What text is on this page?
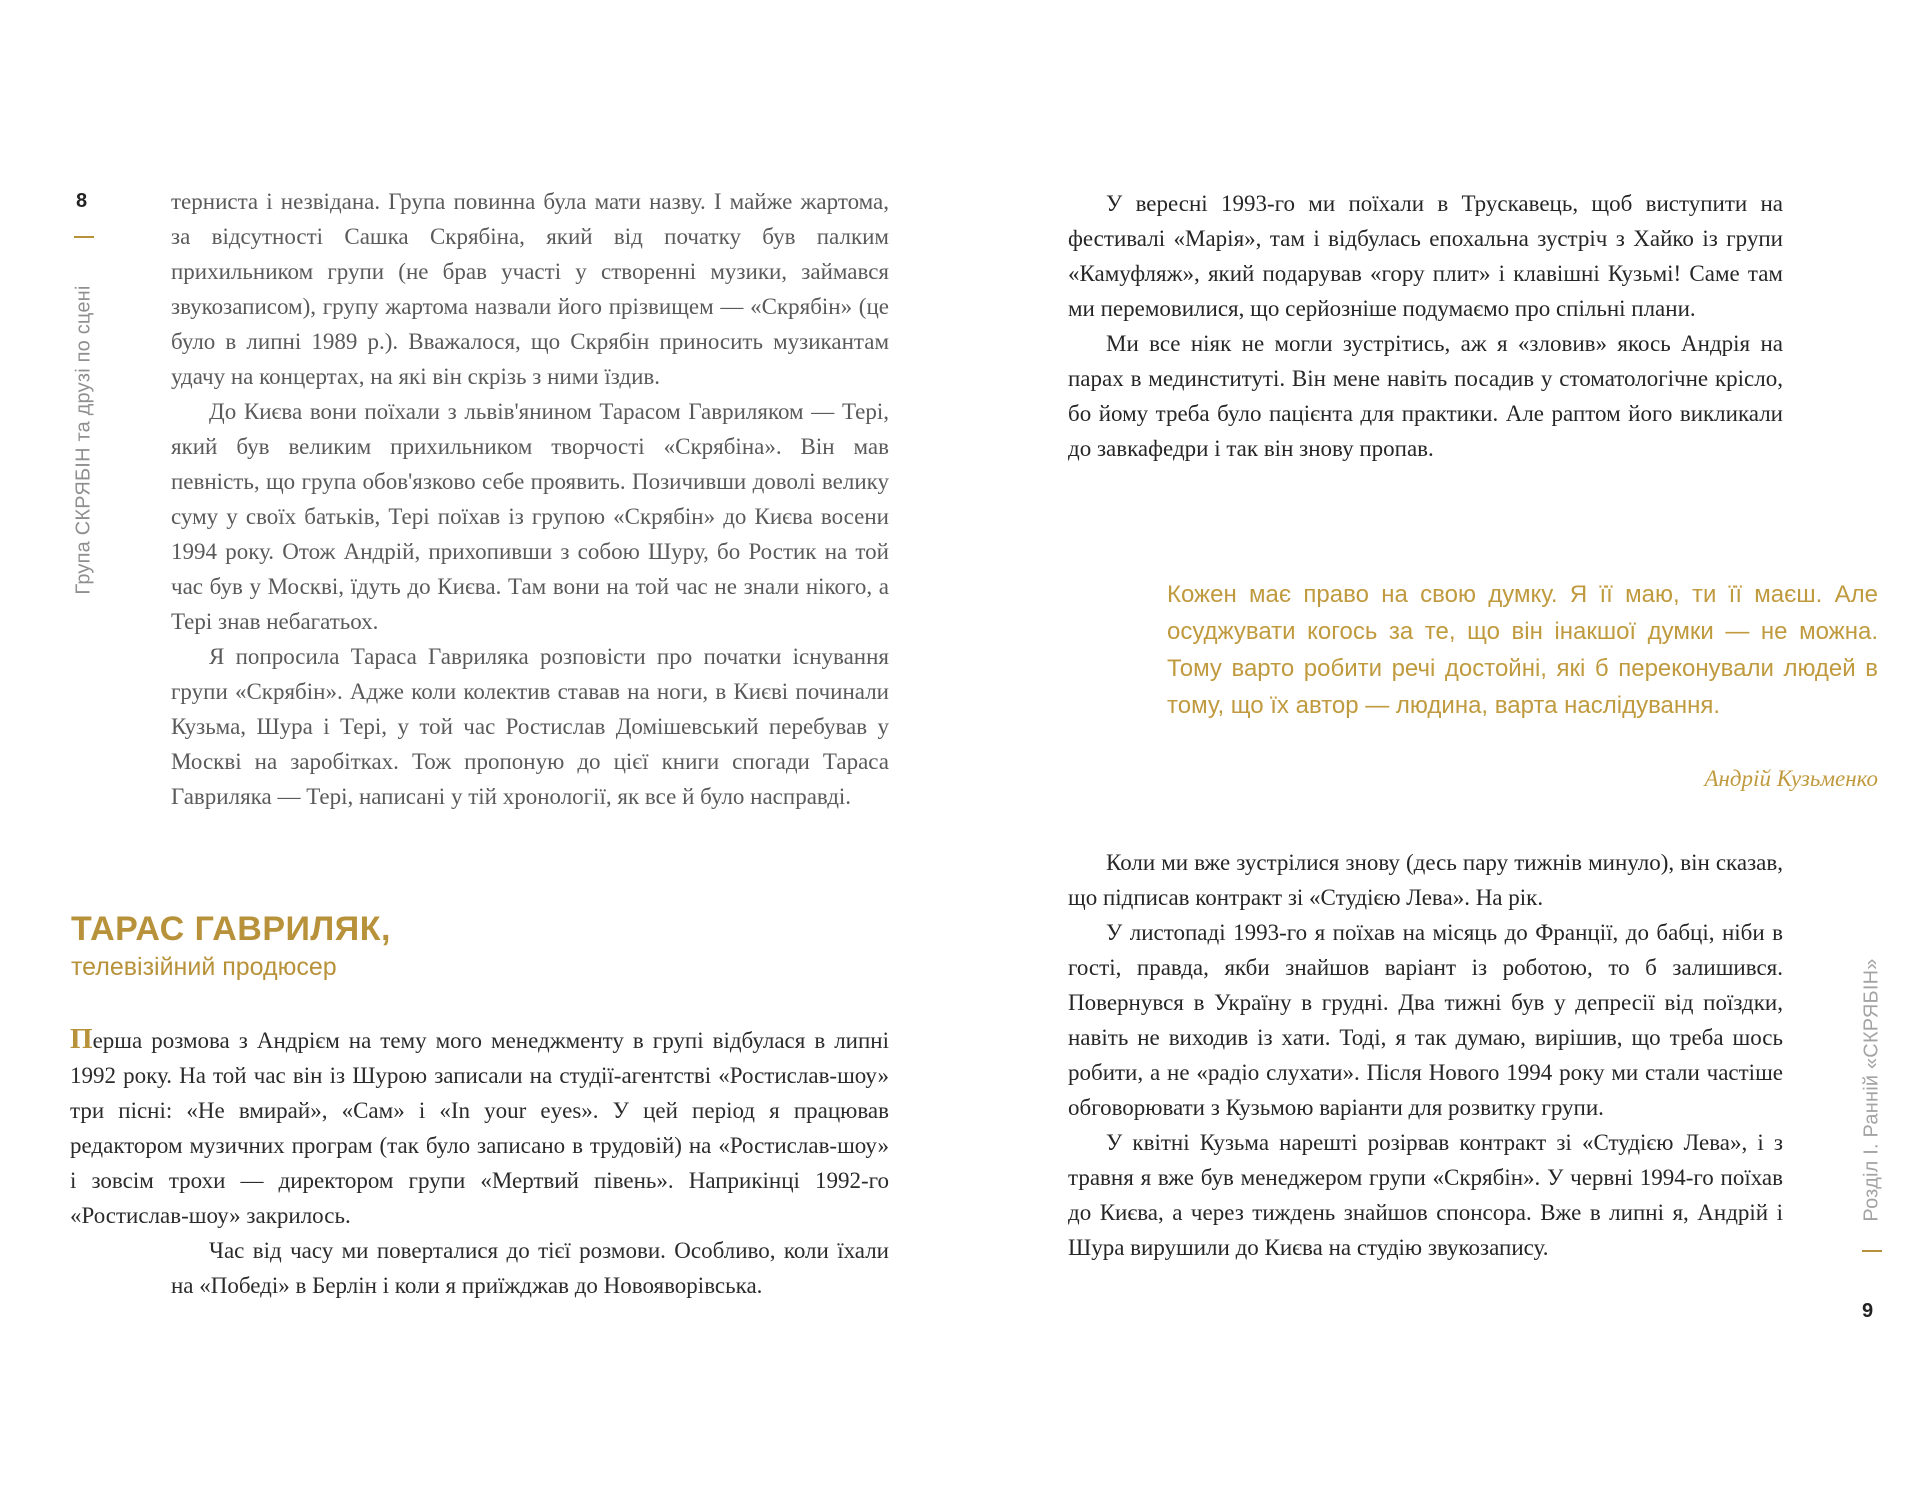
8
Група СКРЯБІН та друзі по сцені

терниста і незвідана. Група повинна була мати назву. І майже жартома, за відсутності Сашка Скрябіна, який від початку був палким прихильником групи (не брав участі у створенні музики, займався звукозаписом), групу жартома назвали його прізвищем — «Скрябін» (це було в липні 1989 р.). Вважалося, що Скрябін приносить музикантам удачу на концертах, на які він скрізь з ними їздив.

До Києва вони поїхали з львів'янином Тарасом Гавриляком — Тері, який був великим прихильником творчості «Скрябіна». Він мав певність, що група обов'язково себе проявить. Позичивши доволі велику суму у своїх батьків, Тері поїхав із групою «Скрябін» до Києва восени 1994 року. Отож Андрій, прихопивши з собою Шуру, бо Ростик на той час був у Москві, їдуть до Києва. Там вони на той час не знали нікого, а Тері знав небагатьох.

Я попросила Тараса Гавриляка розповісти про початки існування групи «Скрябін». Адже коли колектив ставав на ноги, в Києві починали Кузьма, Шура і Тері, у той час Ростислав Домішевський перебував у Москві на заробітках. Тож пропоную до цієї книги спогади Тараса Гавриляка — Тері, написані у тій хронології, як все й було насправді.

ТАРАС ГАВРИЛЯК,
телевізійний продюсер

Перша розмова з Андрієм на тему мого менеджменту в групі відбулася в липні 1992 року. На той час він із Шурою записали на студії-агентстві «Ростислав-шоу» три пісні: «Не вмирай», «Сам» і «In your eyes». У цей період я працював редактором музичних програм (так було записано в трудовій) на «Ростислав-шоу» і зовсім трохи — директором групи «Мертвий півень». Наприкінці 1992-го «Ростислав-шоу» закрилось.

Час від часу ми поверталися до тієї розмови. Особливо, коли їхали на «Победі» в Берлін і коли я приїжджав до Новояворівська.

У вересні 1993-го ми поїхали в Трускавець, щоб виступити на фестивалі «Марія», там і відбулась епохальна зустріч з Хайко із групи «Камуфляж», який подарував «гору плит» і клавішні Кузьмі! Саме там ми перемовилися, що серйозніше подумаємо про спільні плани.

Ми все ніяк не могли зустрітись, аж я «зловив» якось Андрія на парах в мединституті. Він мене навіть посадив у стоматологічне крісло, бо йому треба було пацієнта для практики. Але раптом його викликали до завкафедри і так він знову пропав.

Кожен має право на свою думку. Я її маю, ти її маєш. Але осуджувати когось за те, що він інакшої думки — не можна. Тому варто робити речі достойні, які б переконували людей в тому, що їх автор — людина, варта наслідування.
Андрій Кузьменко

Коли ми вже зустрілися знову (десь пару тижнів минуло), він сказав, що підписав контракт зі «Студією Лева». На рік.

У листопаді 1993-го я поїхав на місяць до Франції, до бабці, ніби в гості, правда, якби знайшов варіант із роботою, то б залишився. Повернувся в Україну в грудні. Два тижні був у депресії від поїздки, навіть не виходив із хати. Тоді, я так думаю, вирішив, що треба шось робити, а не «радіо слухати». Після Нового 1994 року ми стали частіше обговорювати з Кузьмою варіанти для розвитку групи.

У квітні Кузьма нарешті розірвав контракт зі «Студією Лева», і з травня я вже був менеджером групи «Скрябін». У червні 1994-го поїхав до Києва, а через тиждень знайшов спонсора. Вже в липні я, Андрій і Шура вирушили до Києва на студію звукозапису.

Розділ І. Ранній «СКРЯБІН»
9
